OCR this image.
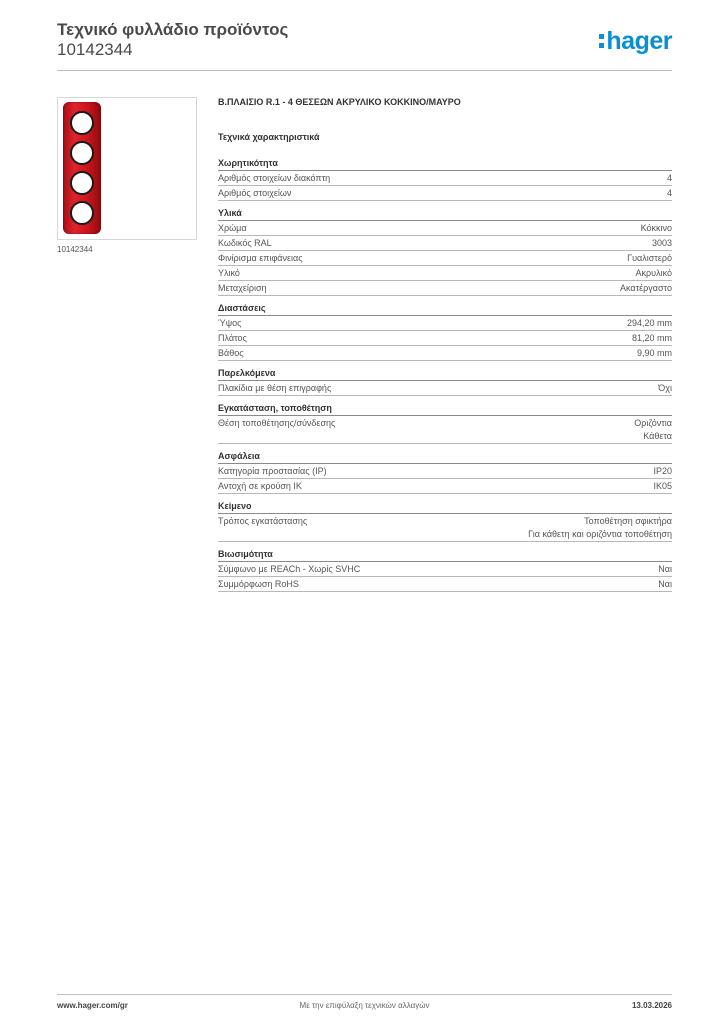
Τεχνικό φυλλάδιο προϊόντος
10142344	hager
10142344
Β.ΠΛΑΙΣΙΟ R.1 - 4 ΘΕΣΕΩΝ ΑΚΡΥΛΙΚΟ ΚΟΚΚΙΝΟ/ΜΑΥΡΟ
Τεχνικά χαρακτηριστικά
Χωρητικότητα
Αριθμός στοιχείων διακόπτη	4
Αριθμός στοιχείων	4
Υλικά
Χρώμα	Κόκκινο
Κωδικός RAL	3003
Φινίρισμα επιφάνειας	Γυαλιστερό
Υλικό	Ακρυλικό
Μεταχείριση	Ακατέργαστο
Διαστάσεις
Ύψος	294,20 mm
Πλάτος	81,20 mm
Βάθος	9,90 mm
Παρελκόμενα
Πλακίδια με θέση επιγραφής	Όχι
Εγκατάσταση, τοποθέτηση
Θέση τοποθέτησης/σύνδεσης	Οριζόντια
Κάθετα
Ασφάλεια
Κατηγορία προστασίας (IP)	IP20
Αντοχή σε κρούση IK	IK05
Κείμενο
Τρόπος εγκατάστασης	Τοποθέτηση σφικτήρα
Για κάθετη και οριζόντια τοποθέτηση
Βιωσιμότητα
Σύμφωνο με REACh - Χωρίς SVHC	Ναι
Συμμόρφωση RoHS	Ναι
www.hager.com/gr	Με την επιφύλαξη τεχνικών αλλαγών	13.03.2026
